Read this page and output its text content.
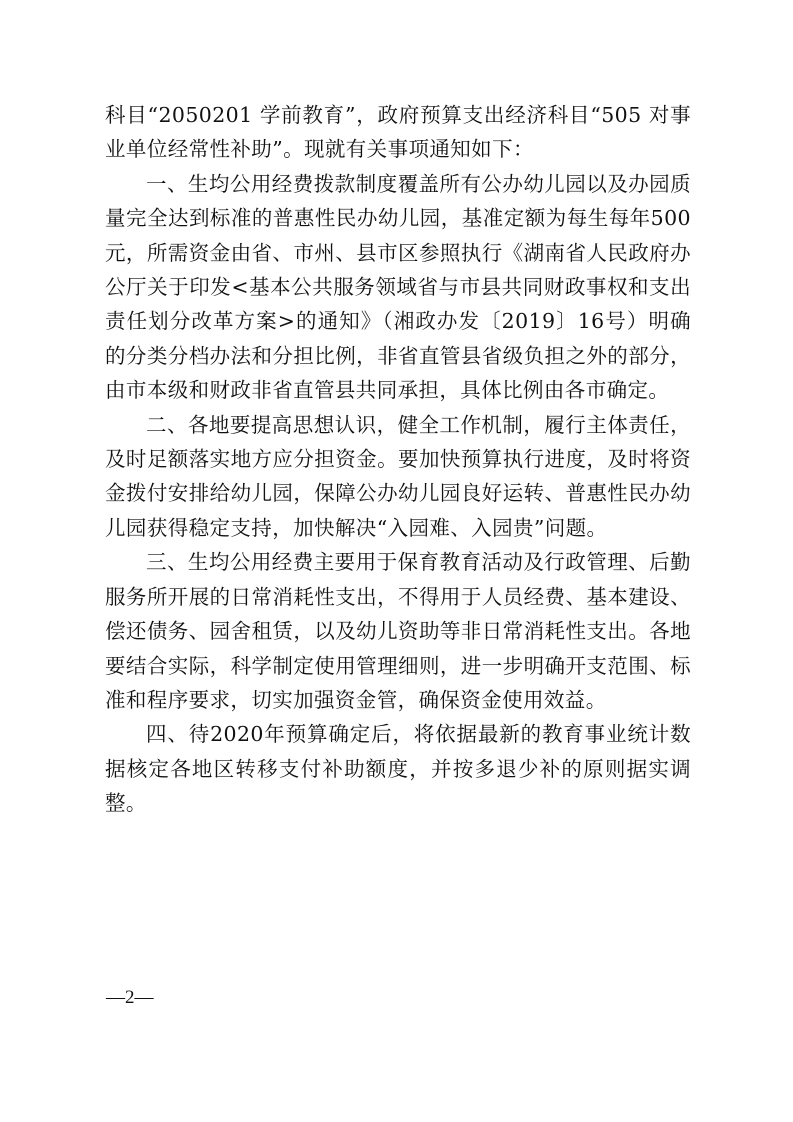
科目“2050201 学前教育”，政府预算支出经济科目“505 对事业单位经常性补助”。现就有关事项通知如下：

一、生均公用经费拨款制度覆盖所有公办幼儿园以及办园质量完全达到标准的普惠性民办幼儿园，基准定额为每生每年500元，所需资金由省、市州、县市区参照执行《湖南省人民政府办公厅关于印发<基本公共服务领域省与市县共同财政事权和支出责任划分改革方案>的通知》（湘政办发〔2019〕16号）明确的分类分档办法和分担比例，非省直管县省级负担之外的部分，由市本级和财政非省直管县共同承担，具体比例由各市确定。

二、各地要提高思想认识，健全工作机制，履行主体责任，及时足额落实地方应分担资金。要加快预算执行进度，及时将资金拨付安排给幼儿园，保障公办幼儿园良好运转、普惠性民办幼儿园获得稳定支持，加快解决“入园难、入园贵”问题。

三、生均公用经费主要用于保育教育活动及行政管理、后勤服务所开展的日常消耗性支出，不得用于人员经费、基本建设、偿还债务、园舍租赁，以及幼儿资助等非日常消耗性支出。各地要结合实际，科学制定使用管理细则，进一步明确开支范围、标准和程序要求，切实加强资金管，确保资金使用效益。

四、待2020年预算确定后，将依据最新的教育事业统计数据核定各地区转移支付补助额度，并按多退少补的原则据实调整。

—2—
